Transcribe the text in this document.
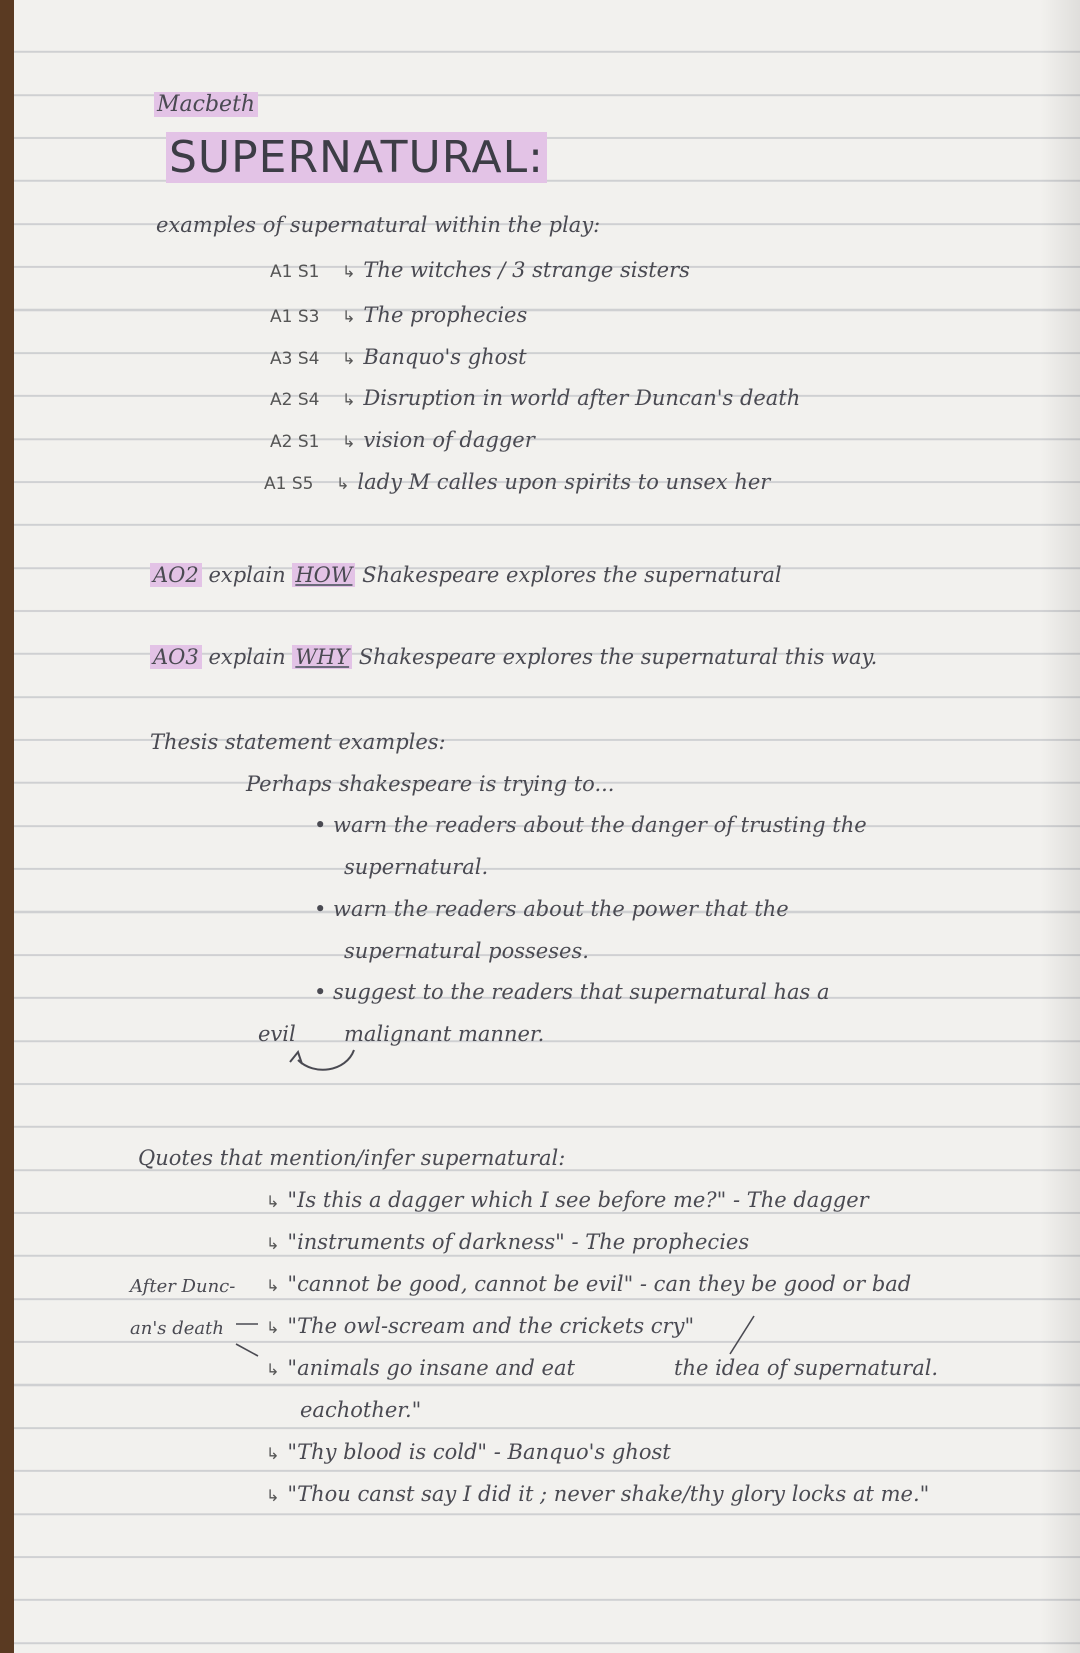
Macbeth
SUPERNATURAL:
examples of supernatural within the play:
A1 S1 ↳ The witches / 3 strange sisters
A1 S3 ↳ The prophecies
A3 S4 ↳ Banquo's ghost
A2 S4 ↳ Disruption in world after Duncan's death
A2 S1 ↳ vision of dagger
A1 S5 ↳ lady M calles upon spirits to unsex her
AO2 explain HOW Shakespeare explores the supernatural
AO3 explain WHY Shakespeare explores the supernatural this way.
Thesis statement examples:
Perhaps shakespeare is trying to...
• warn the readers about the danger of trusting the
supernatural.
• warn the readers about the power that the
supernatural posseses.
• suggest to the readers that supernatural has a
malignant manner.
evil
Quotes that mention/infer supernatural:
↳ "Is this a dagger which I see before me?" - The dagger
↳ "instruments of darkness" - The prophecies
After Dunc- ↳ "cannot be good, cannot be evil" - can they be good or bad
an's death	↳ "The owl-scream and the crickets cry"
↳ "animals go insane and eat	the idea of supernatural.
eachother."
↳ "Thy blood is cold" - Banquo's ghost
↳ "Thou canst say I did it ; never shake/thy glory locks at me."
